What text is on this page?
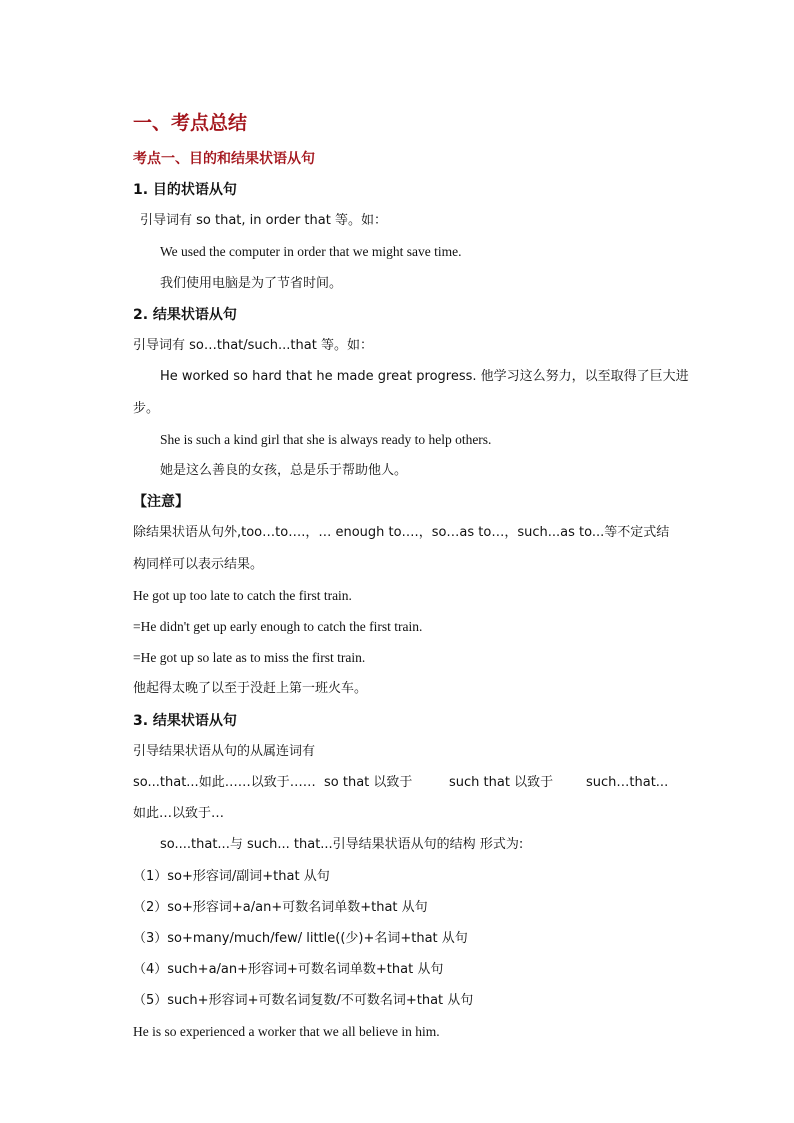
一、考点总结
考点一、目的和结果状语从句
1. 目的状语从句
引导词有 so that, in order that 等。如：
We used the computer in order that we might save time.
我们使用电脑是为了节省时间。
2. 结果状语从句
引导词有 so…that/such...that 等。如：
He worked so hard that he made great progress. 他学习这么努力，以至取得了巨大进
步。
She is such a kind girl that she is always ready to help others.
她是这么善良的女孩，总是乐于帮助他人。
【注意】
除结果状语从句外,too…to….，… enough to….，so…as to…，such...as to...等不定式结
构同样可以表示结果。
He got up too late to catch the first train.
=He didn't get up early enough to catch the first train.
=He got up so late as to miss the first train.
他起得太晚了以至于没赶上第一班火车。
3. 结果状语从句
引导结果状语从句的从属连词有
so...that...如此……以致于…… so that 以致于	such that 以致于	such…that...
如此…以致于…
so....that...与 such... that...引导结果状语从句的结构 形式为:
（1）so+形容词/副词+that 从句
（2）so+形容词+a/an+可数名词单数+that 从句
（3）so+many/much/few/ little((少)+名词+that 从句
（4）such+a/an+形容词+可数名词单数+that 从句
（5）such+形容词+可数名词复数/不可数名词+that 从句
He is so experienced a worker that we all believe in him.
